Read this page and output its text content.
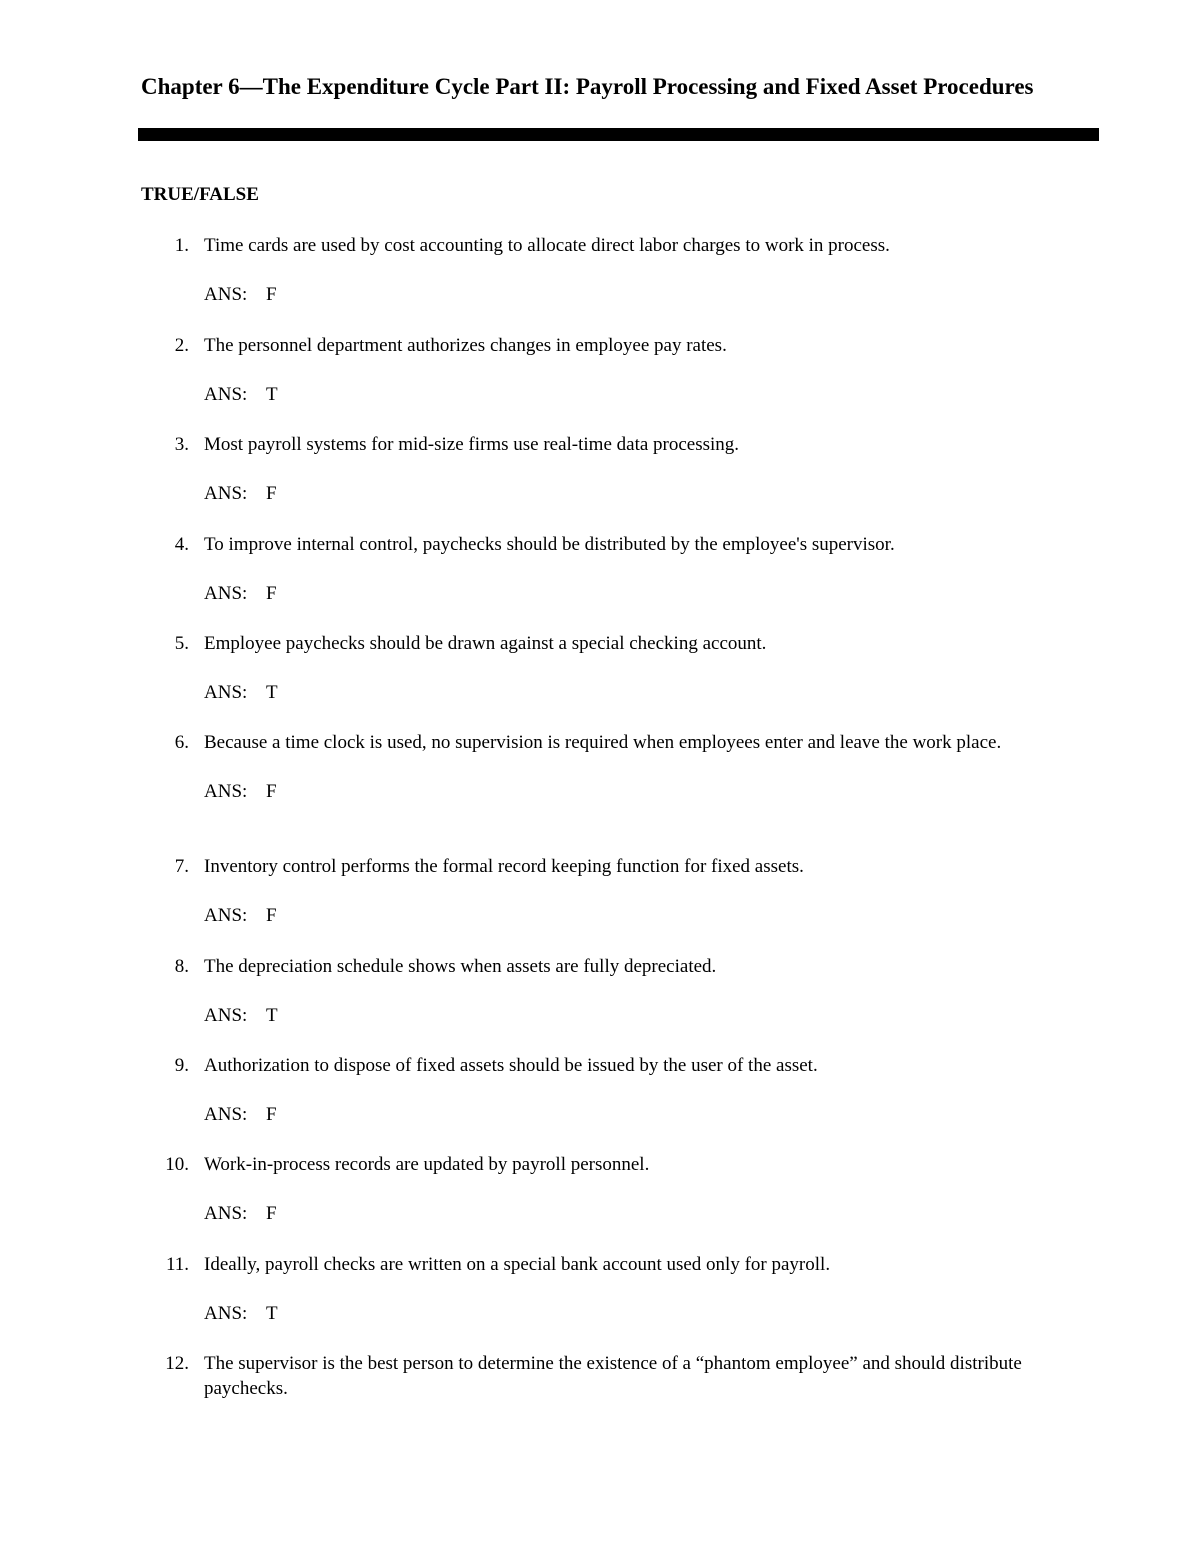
Chapter 6—The Expenditure Cycle Part II: Payroll Processing and Fixed Asset Procedures
TRUE/FALSE
1. Time cards are used by cost accounting to allocate direct labor charges to work in process.
ANS: F
2. The personnel department authorizes changes in employee pay rates.
ANS: T
3. Most payroll systems for mid-size firms use real-time data processing.
ANS: F
4. To improve internal control, paychecks should be distributed by the employee's supervisor.
ANS: F
5. Employee paychecks should be drawn against a special checking account.
ANS: T
6. Because a time clock is used, no supervision is required when employees enter and leave the work place.
ANS: F
7. Inventory control performs the formal record keeping function for fixed assets.
ANS: F
8. The depreciation schedule shows when assets are fully depreciated.
ANS: T
9. Authorization to dispose of fixed assets should be issued by the user of the asset.
ANS: F
10. Work-in-process records are updated by payroll personnel.
ANS: F
11. Ideally, payroll checks are written on a special bank account used only for payroll.
ANS: T
12. The supervisor is the best person to determine the existence of a “phantom employee” and should distribute paychecks.
